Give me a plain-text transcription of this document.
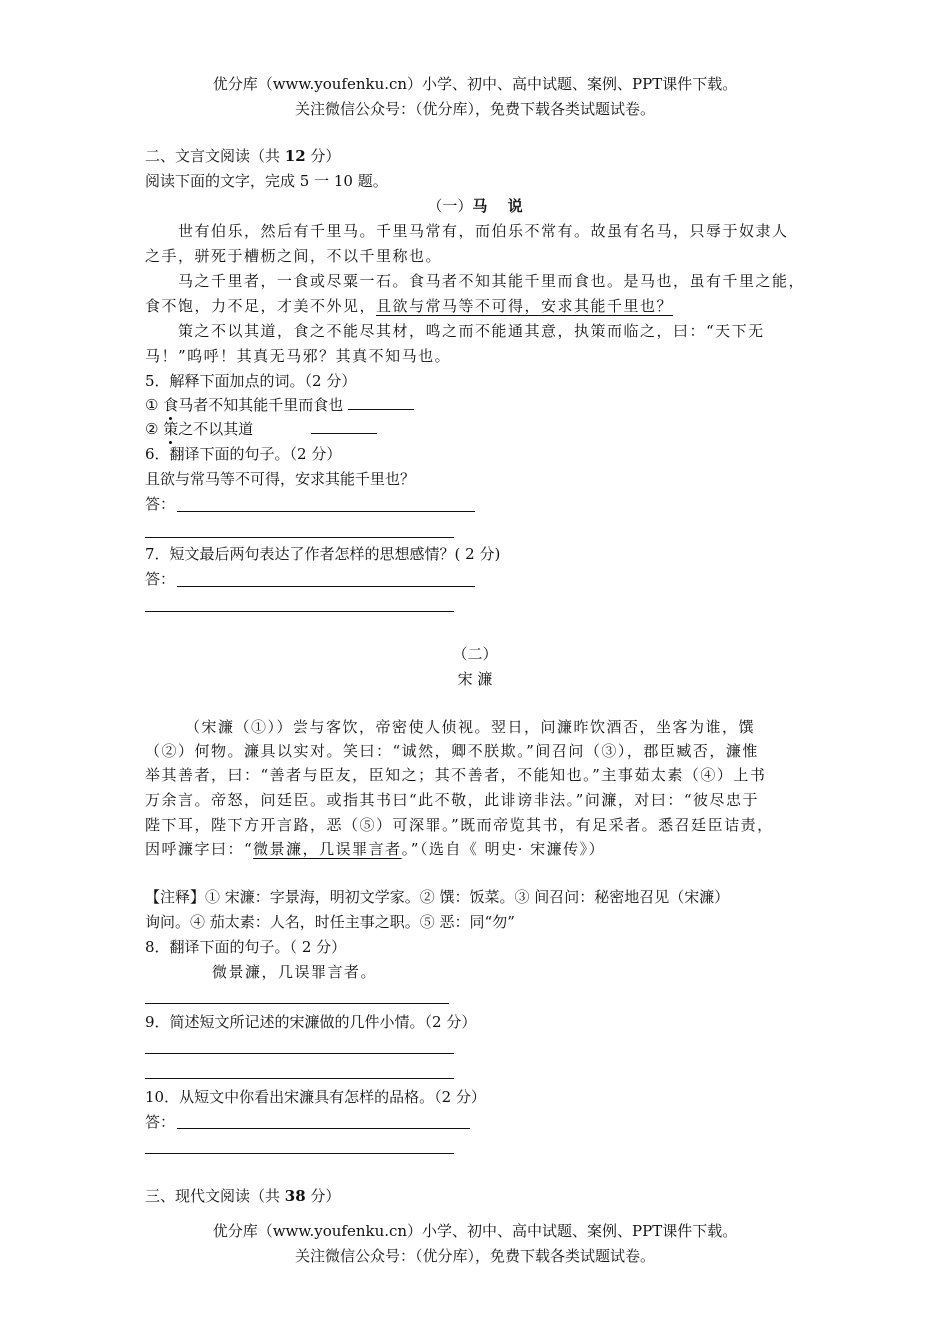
优分库（www.youfenku.cn）小学、初中、高中试题、案例、PPT课件下载。
关注微信公众号：（优分库），免费下载各类试题试卷。
二、文言文阅读（共 12 分）
阅读下面的文字，完成 5 一 10 题。
（一）马　 说
世有伯乐，然后有千里马。千里马常有，而伯乐不常有。故虽有名马，只辱于奴隶人
之手，骈死于槽枥之间，不以千里称也。
马之千里者，一食或尽粟一石。食马者不知其能千里而食也。是马也，虽有千里之能，
食不饱，力不足，才美不外见，且欲与常马等不可得，安求其能千里也？
策之不以其道，食之不能尽其材，鸣之而不能通其意，执策而临之，曰：“天下无
马！”呜呼！其真无马邪？其真不知马也。
5．解释下面加点的词。（2 分）
① 食马者不知其能千里而食也
② 策之不以其道
6．翻译下面的句子。（2 分）
且欲与常马等不可得，安求其能千里也？
答：
7．短文最后两句表达了作者怎样的思想感情？( 2 分)
答：
（二）
宋 濂
（宋濂（①））尝与客饮，帝密使人侦视。翌日，问濂昨饮酒否，坐客为谁，馔
（②）何物。濂具以实对。笑曰：“诚然，卿不朕欺。”间召问（③），郡臣臧否，濂惟
举其善者，曰：“善者与臣友，臣知之；其不善者，不能知也。”主事茹太素（④）上书
万余言。帝怒，问廷臣。或指其书曰“此不敬，此诽谤非法。”问濂，对曰：“彼尽忠于
陛下耳，陛下方开言路，恶（⑤）可深罪。”既而帝览其书，有足采者。悉召廷臣诘责，
因呼濂字曰：“微景濂，几误罪言者。”（选自《 明史· 宋濂传》）
【注释】① 宋濂：字景海，明初文学家。② 馔：饭菜。③ 间召问：秘密地召见（宋濂）
询问。④ 茄太素：人名，时任主事之职。⑤ 恶：同“勿”
8．翻译下面的句子。（ 2 分）
微景濂，几误罪言者。
9．简述短文所记述的宋濂做的几件小情。（2 分）
10．从短文中你看出宋濂具有怎样的品格。（2 分）
答：
三、现代文阅读（共 38 分）
优分库（www.youfenku.cn）小学、初中、高中试题、案例、PPT课件下载。
关注微信公众号：（优分库），免费下载各类试题试卷。
